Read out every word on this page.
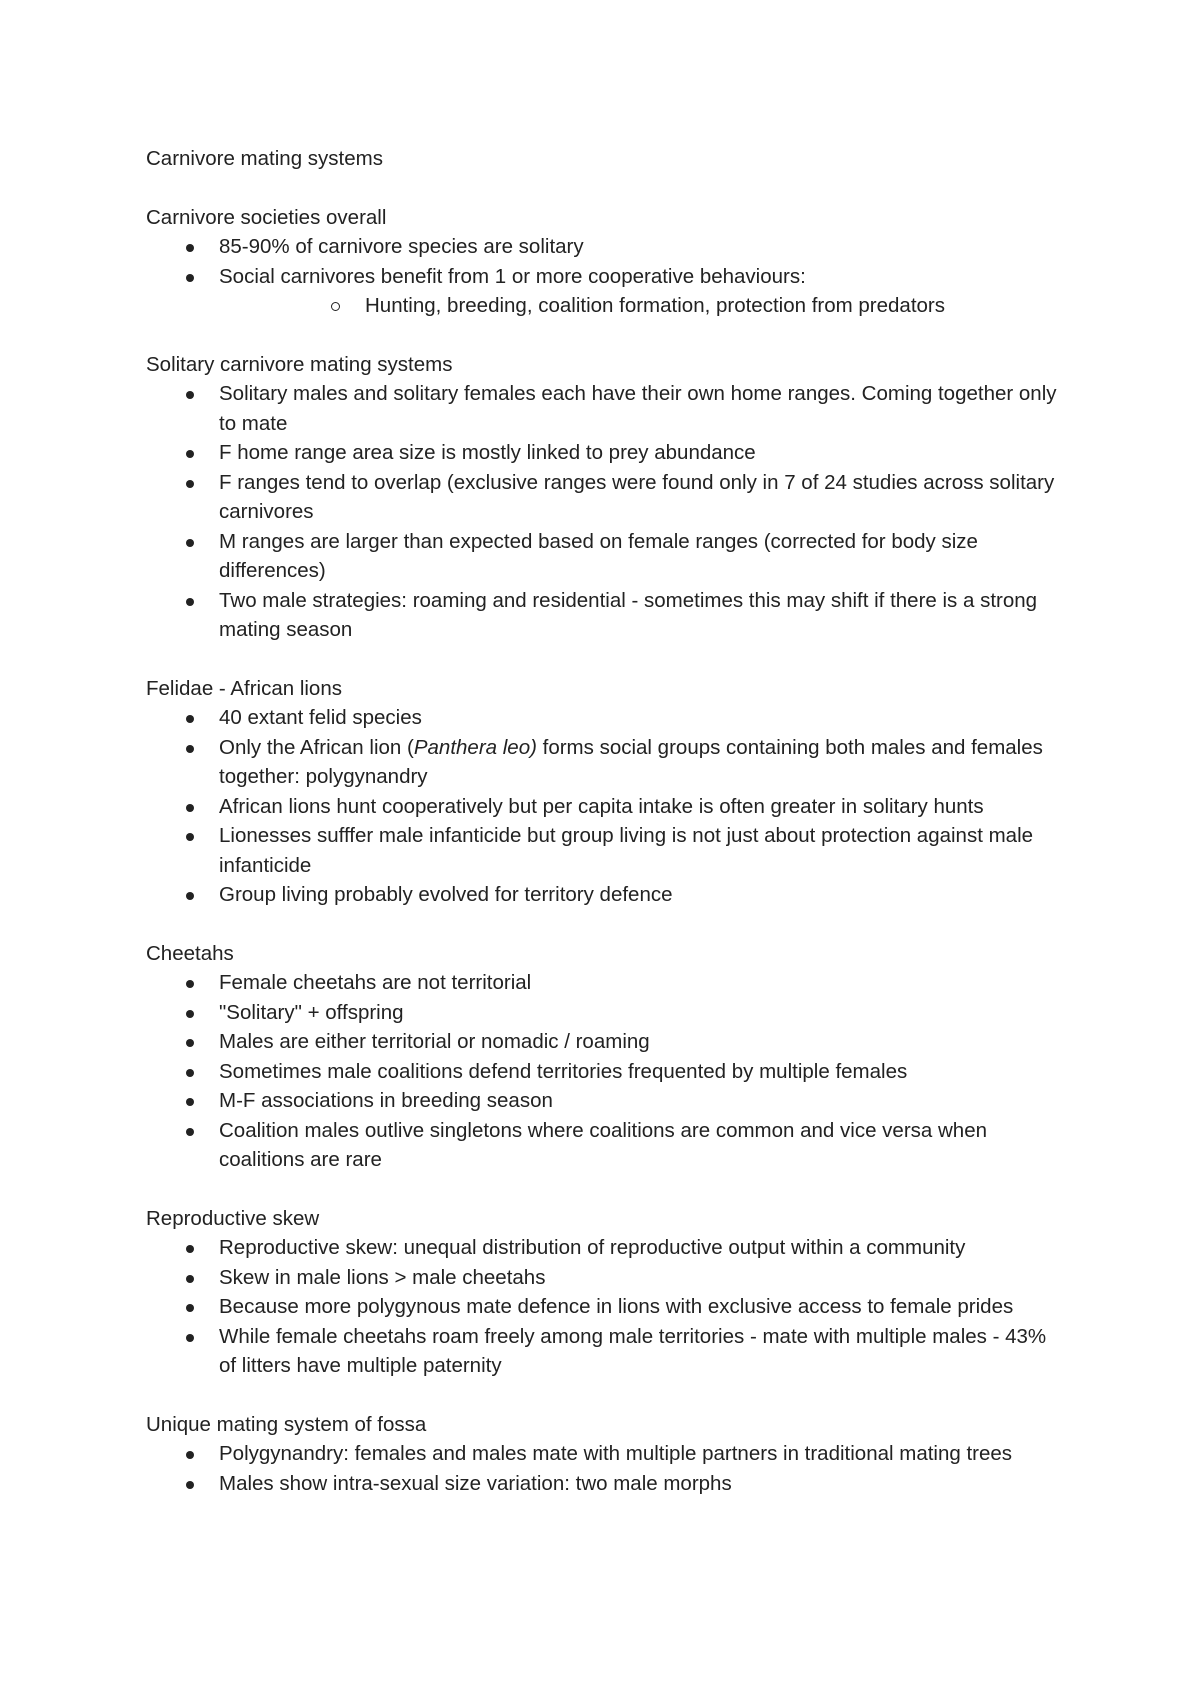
Carnivore mating systems
Carnivore societies overall
85-90% of carnivore species are solitary
Social carnivores benefit from 1 or more cooperative behaviours:
Hunting, breeding, coalition formation, protection from predators
Solitary carnivore mating systems
Solitary males and solitary females each have their own home ranges. Coming together only to mate
F home range area size is mostly linked to prey abundance
F ranges tend to overlap (exclusive ranges were found only in 7 of 24 studies across solitary carnivores
M ranges are larger than expected based on female ranges (corrected for body size differences)
Two male strategies: roaming and residential - sometimes this may shift if there is a strong mating season
Felidae - African lions
40 extant felid species
Only the African lion (Panthera leo) forms social groups containing both males and females together: polygynandry
African lions hunt cooperatively but per capita intake is often greater in solitary hunts
Lionesses sufffer male infanticide but group living is not just about protection against male infanticide
Group living probably evolved for territory defence
Cheetahs
Female cheetahs are not territorial
"Solitary" + offspring
Males are either territorial or nomadic / roaming
Sometimes male coalitions defend territories frequented by multiple females
M-F associations in breeding season
Coalition males outlive singletons where coalitions are common and vice versa when coalitions are rare
Reproductive skew
Reproductive skew: unequal distribution of reproductive output within a community
Skew in male lions > male cheetahs
Because more polygynous mate defence in lions with exclusive access to female prides
While female cheetahs roam freely among male territories - mate with multiple males - 43% of litters have multiple paternity
Unique mating system of fossa
Polygynandry: females and males mate with multiple partners in traditional mating trees
Males show intra-sexual size variation: two male morphs
